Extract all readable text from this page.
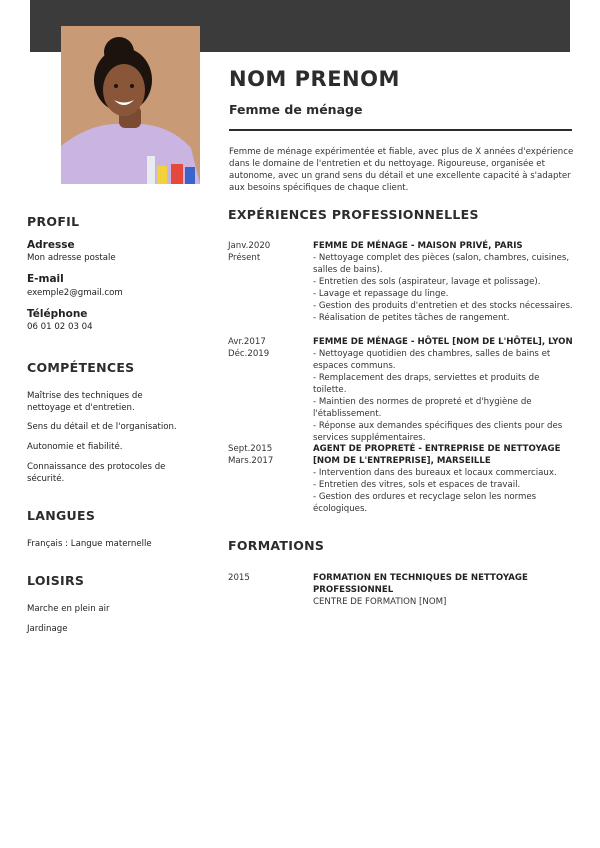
NOM PRENOM
Femme de ménage
Femme de ménage expérimentée et fiable, avec plus de X années d'expérience dans le domaine de l'entretien et du nettoyage. Rigoureuse, organisée et autonome, avec un grand sens du détail et une excellente capacité à s'adapter aux besoins spécifiques de chaque client.
PROFIL
Adresse
Mon adresse postale
E-mail
exemple2@gmail.com
Téléphone
06 01 02 03 04
COMPÉTENCES
Maîtrise des techniques de nettoyage et d'entretien.
Sens du détail et de l'organisation.
Autonomie et fiabilité.
Connaissance des protocoles de sécurité.
LANGUES
Français : Langue maternelle
LOISIRS
Marche en plein air
Jardinage
EXPÉRIENCES PROFESSIONNELLES
Janv.2020
Présent
FEMME DE MÉNAGE - MAISON PRIVÉ, PARIS
- Nettoyage complet des pièces (salon, chambres, cuisines, salles de bains).
- Entretien des sols (aspirateur, lavage et polissage).
- Lavage et repassage du linge.
- Gestion des produits d'entretien et des stocks nécessaires.
- Réalisation de petites tâches de rangement.
Avr.2017
Déc.2019
FEMME DE MÉNAGE - HÔTEL [NOM DE L'HÔTEL], LYON
- Nettoyage quotidien des chambres, salles de bains et espaces communs.
- Remplacement des draps, serviettes et produits de toilette.
- Maintien des normes de propreté et d'hygiène de l'établissement.
- Réponse aux demandes spécifiques des clients pour des services supplémentaires.
Sept.2015
Mars.2017
AGENT DE PROPRETÉ - ENTREPRISE DE NETTOYAGE [NOM DE L'ENTREPRISE], MARSEILLE
- Intervention dans des bureaux et locaux commerciaux.
- Entretien des vitres, sols et espaces de travail.
- Gestion des ordures et recyclage selon les normes écologiques.
FORMATIONS
2015	FORMATION EN TECHNIQUES DE NETTOYAGE PROFESSIONNEL
CENTRE DE FORMATION [NOM]
